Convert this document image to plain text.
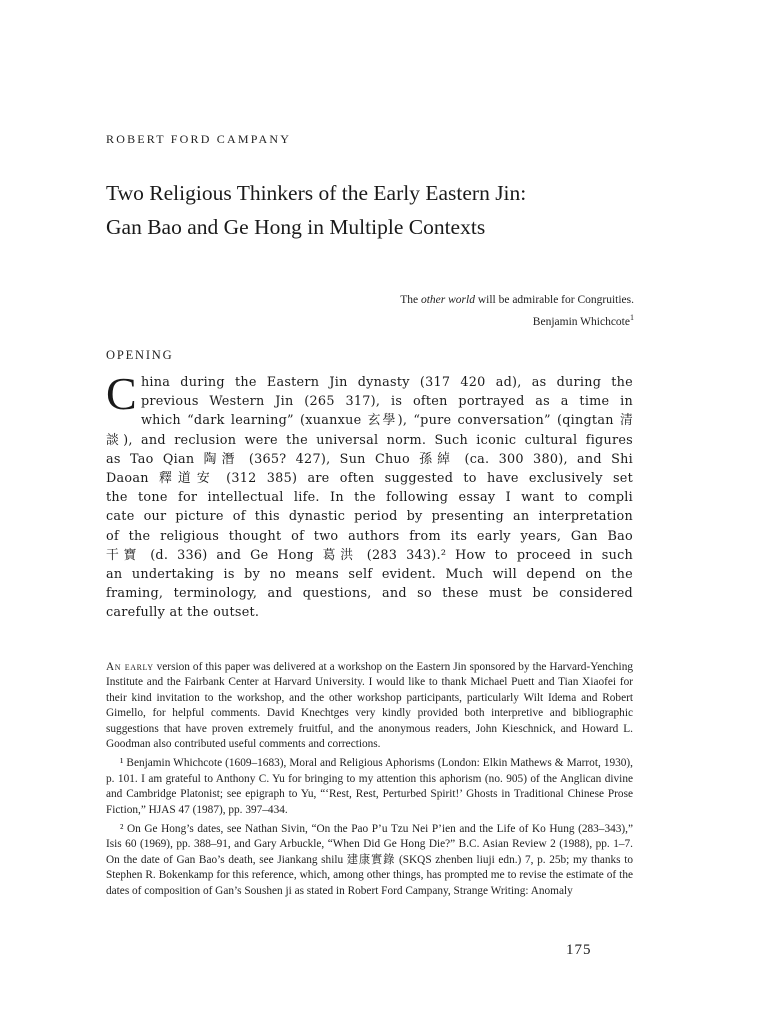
ROBERT FORD CAMPANY
Two Religious Thinkers of the Early Eastern Jin:
Gan Bao and Ge Hong in Multiple Contexts
The other world will be admirable for Congruities.
Benjamin Whichcote$^1$
OPENING
C hina during the Eastern Jin dynasty (317 420 ad), as during the
previous Western Jin (265 317), is often portrayed as a time in
which “dark learning” (xuanxue 玄學), “pure conversation” (qingtan 清
談), and reclusion were the universal norm. Such iconic cultural figures
as Tao Qian 陶潛 (365? 427), Sun Chuo 孫綽 (ca. 300 380), and Shi
Daoan 釋道安 (312 385) are often suggested to have exclusively set
the tone for intellectual life. In the following essay I want to compli
cate our picture of this dynastic period by presenting an interpretation
of the religious thought of two authors from its early years, Gan Bao
干寶 (d. 336) and Ge Hong 葛洪 (283 343).² How to proceed in such
an undertaking is by no means self evident. Much will depend on the
framing, terminology, and questions, and so these must be considered
carefully at the outset.

An early version of this paper was delivered at a workshop on the Eastern Jin sponsored by the Harvard-Yenching Institute and the Fairbank Center at Harvard University. I would like to thank Michael Puett and Tian Xiaofei for their kind invitation to the workshop, and the other workshop participants, particularly Wilt Idema and Robert Gimello, for helpful comments. David Knechtges very kindly provided both interpretive and bibliographic suggestions that have proven extremely fruitful, and the anonymous readers, John Kieschnick, and Howard L. Goodman also contributed useful comments and corrections.

¹ Benjamin Whichcote (1609–1683), Moral and Religious Aphorisms (London: Elkin Mathews & Marrot, 1930), p. 101. I am grateful to Anthony C. Yu for bringing to my attention this aphorism (no. 905) of the Anglican divine and Cambridge Platonist; see epigraph to Yu, “‘Rest, Rest, Perturbed Spirit!’ Ghosts in Traditional Chinese Prose Fiction,” HJAS 47 (1987), pp. 397–434.

² On Ge Hong’s dates, see Nathan Sivin, “On the Pao P’u Tzu Nei P’ien and the Life of Ko Hung (283–343),” Isis 60 (1969), pp. 388–91, and Gary Arbuckle, “When Did Ge Hong Die?” B.C. Asian Review 2 (1988), pp. 1–7. On the date of Gan Bao’s death, see Jiankang shilu 建康實錄 (SKQS zhenben liuji edn.) 7, p. 25b; my thanks to Stephen R. Bokenkamp for this reference, which, among other things, has prompted me to revise the estimate of the dates of composition of Gan’s Soushen ji as stated in Robert Ford Campany, Strange Writing: Anomaly

175
